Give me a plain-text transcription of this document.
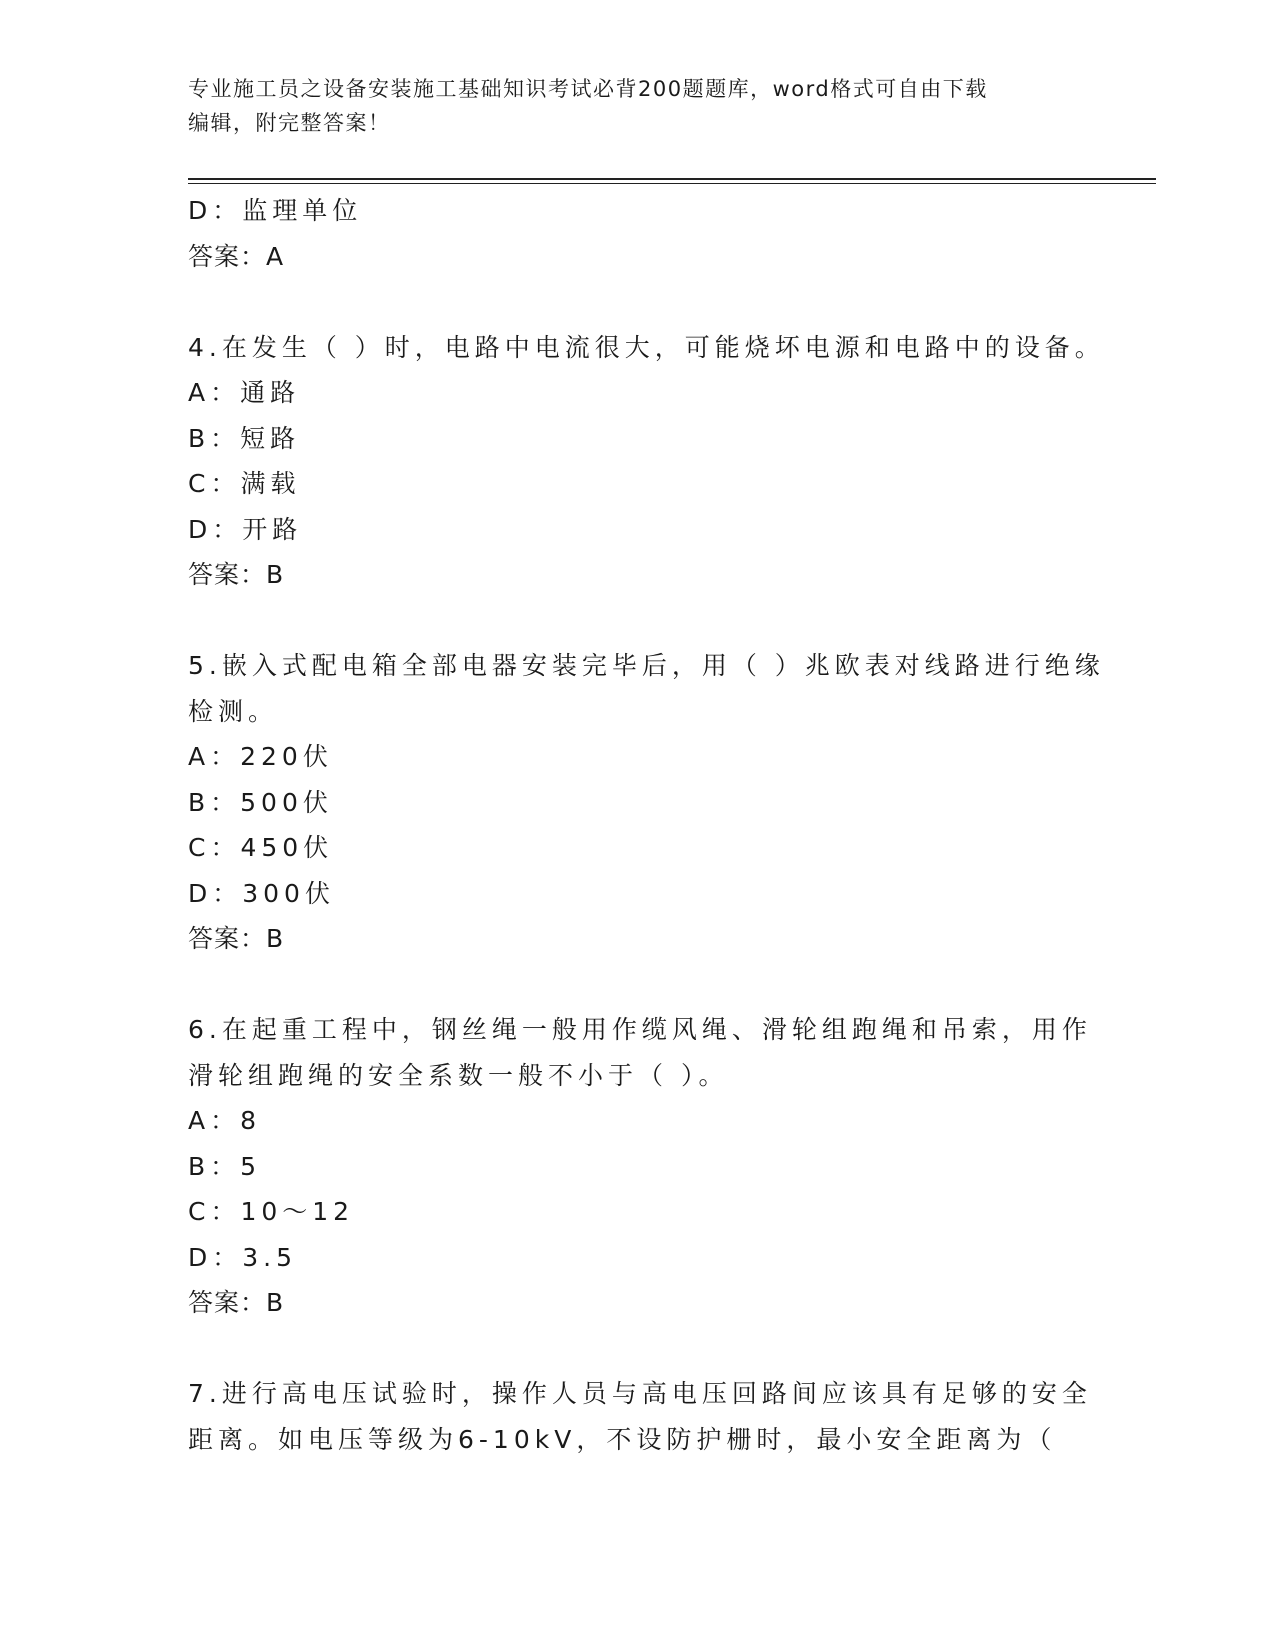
专业施工员之设备安装施工基础知识考试必背200题题库，word格式可自由下载
编辑，附完整答案！
D：监理单位
答案：A
4.在发生（ ）时，电路中电流很大，可能烧坏电源和电路中的设备。
A：通路
B：短路
C：满载
D：开路
答案：B
5.嵌入式配电箱全部电器安装完毕后，用（ ）兆欧表对线路进行绝缘
检测。
A：220伏
B：500伏
C：450伏
D：300伏
答案：B
6.在起重工程中，钢丝绳一般用作缆风绳、滑轮组跑绳和吊索，用作
滑轮组跑绳的安全系数一般不小于（ ）。
A：8
B：5
C：10～12
D：3.5
答案：B
7.进行高电压试验时，操作人员与高电压回路间应该具有足够的安全
距离。如电压等级为6-10kV，不设防护栅时，最小安全距离为（
